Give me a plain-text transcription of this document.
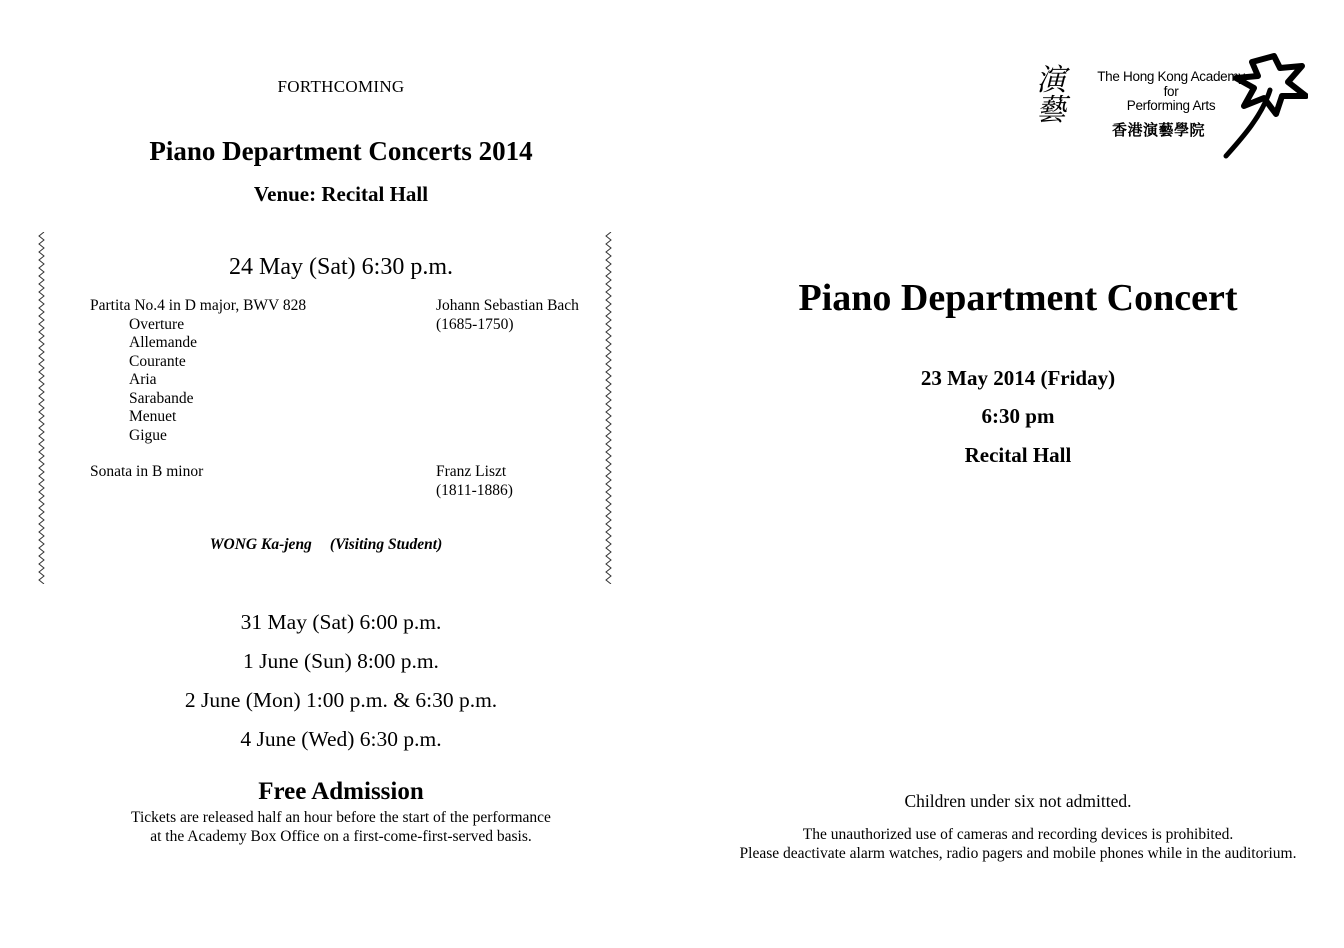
FORTHCOMING
Piano Department Concerts 2014
Venue: Recital Hall
24 May (Sat) 6:30 p.m.
Partita No.4 in D major, BWV 828	Johann Sebastian Bach
(1685-1750)
Overture
Allemande
Courante
Aria
Sarabande
Menuet
Gigue
Sonata in B minor	Franz Liszt
(1811-1886)
WONG Ka-jeng (Visiting Student)
31 May (Sat) 6:00 p.m.
1 June (Sun) 8:00 p.m.
2 June (Mon) 1:00 p.m. & 6:30 p.m.
4 June (Wed) 6:30 p.m.
Free Admission
Tickets are released half an hour before the start of the performance
at the Academy Box Office on a first-come-first-served basis.
演藝
The Hong Kong Academy
for
Performing Arts
香港演藝學院
Piano Department Concert
23 May 2014 (Friday)
6:30 pm
Recital Hall
Children under six not admitted.
The unauthorized use of cameras and recording devices is prohibited.
Please deactivate alarm watches, radio pagers and mobile phones while in the auditorium.
